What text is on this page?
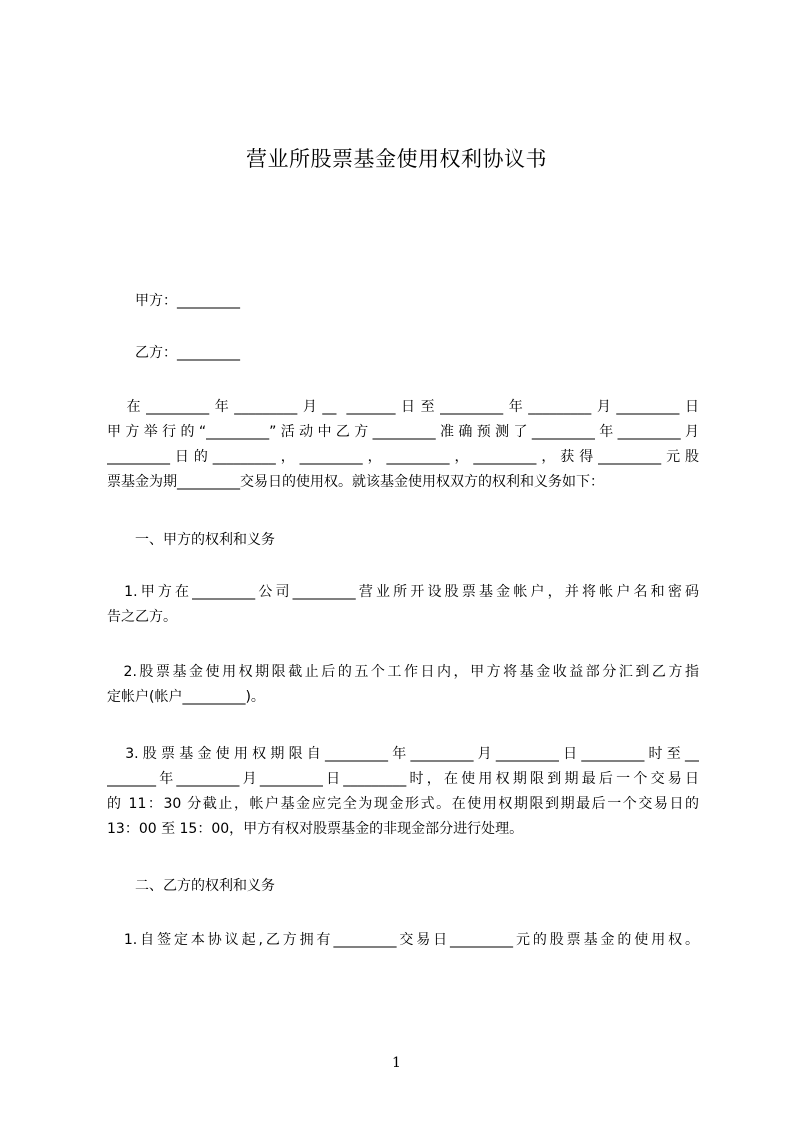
营业所股票基金使用权利协议书
甲方：_________
乙方：_________
　在_________年_________月__ _______日至_________年_________月_________日
甲方举行的“_________”活动中乙方_________准确预测了_________年_________月
_________日的_________，_________，_________，_________，获得_________元股
票基金为期_________交易日的使用权。就该基金使用权双方的权利和义务如下：
一、甲方的权利和义务
　1.甲方在_________公司_________营业所开设股票基金帐户，并将帐户名和密码
告之乙方。
　2.股票基金使用权期限截止后的五个工作日内，甲方将基金收益部分汇到乙方指
定帐户(帐户_________)。
　3.股票基金使用权期限自_________年_________月_________日_________时至__
_______年_________月_________日_________时，在使用权期限到期最后一个交易日
的 11：30 分截止，帐户基金应完全为现金形式。在使用权期限到期最后一个交易日的
13：00 至 15：00，甲方有权对股票基金的非现金部分进行处理。
二、乙方的权利和义务
　1.自签定本协议起,乙方拥有_________交易日_________元的股票基金的使用权。
1
